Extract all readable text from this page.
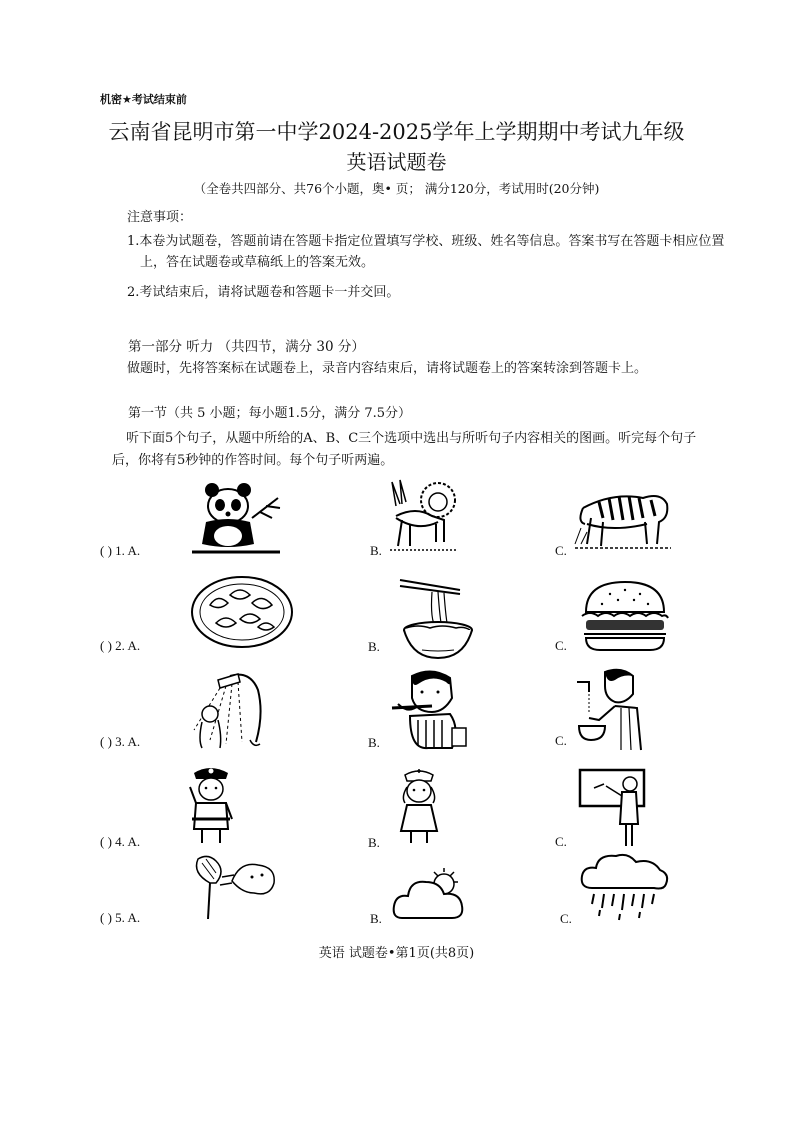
机密★考试结束前
云南省昆明市第一中学2024-2025学年上学期期中考试九年级
英语试题卷
（全卷共四部分、共76个小题，奥• 页； 满分120分，考试用时(20分钟)
注意事项：
1.本卷为试题卷，答题前请在答题卡指定位置填写学校、班级、姓名等信息。答案书写在答题卡相应位置上，答在试题卷或草稿纸上的答案无效。
2.考试结束后，请将试题卷和答题卡一并交回。
第一部分 听力 （共四节，满分 30 分）
做题时，先将答案标在试题卷上，录音内容结束后，请将试题卷上的答案转涂到答题卡上。
第一节（共 5 小题；每小题1.5分，满分 7.5分）
听下面5个句子，从题中所给的A、B、C三个选项中选出与所听句子内容相关的图画。听完每个句子后，你将有5秒钟的作答时间。每个句子听两遍。
( ) 1. A.	B.	C.
( ) 2. A.	B.	C.
( ) 3. A.	B.	C.
( ) 4. A.	B.	C.
( ) 5. A.	B.	C.
英语 试题卷•第1页(共8页)
